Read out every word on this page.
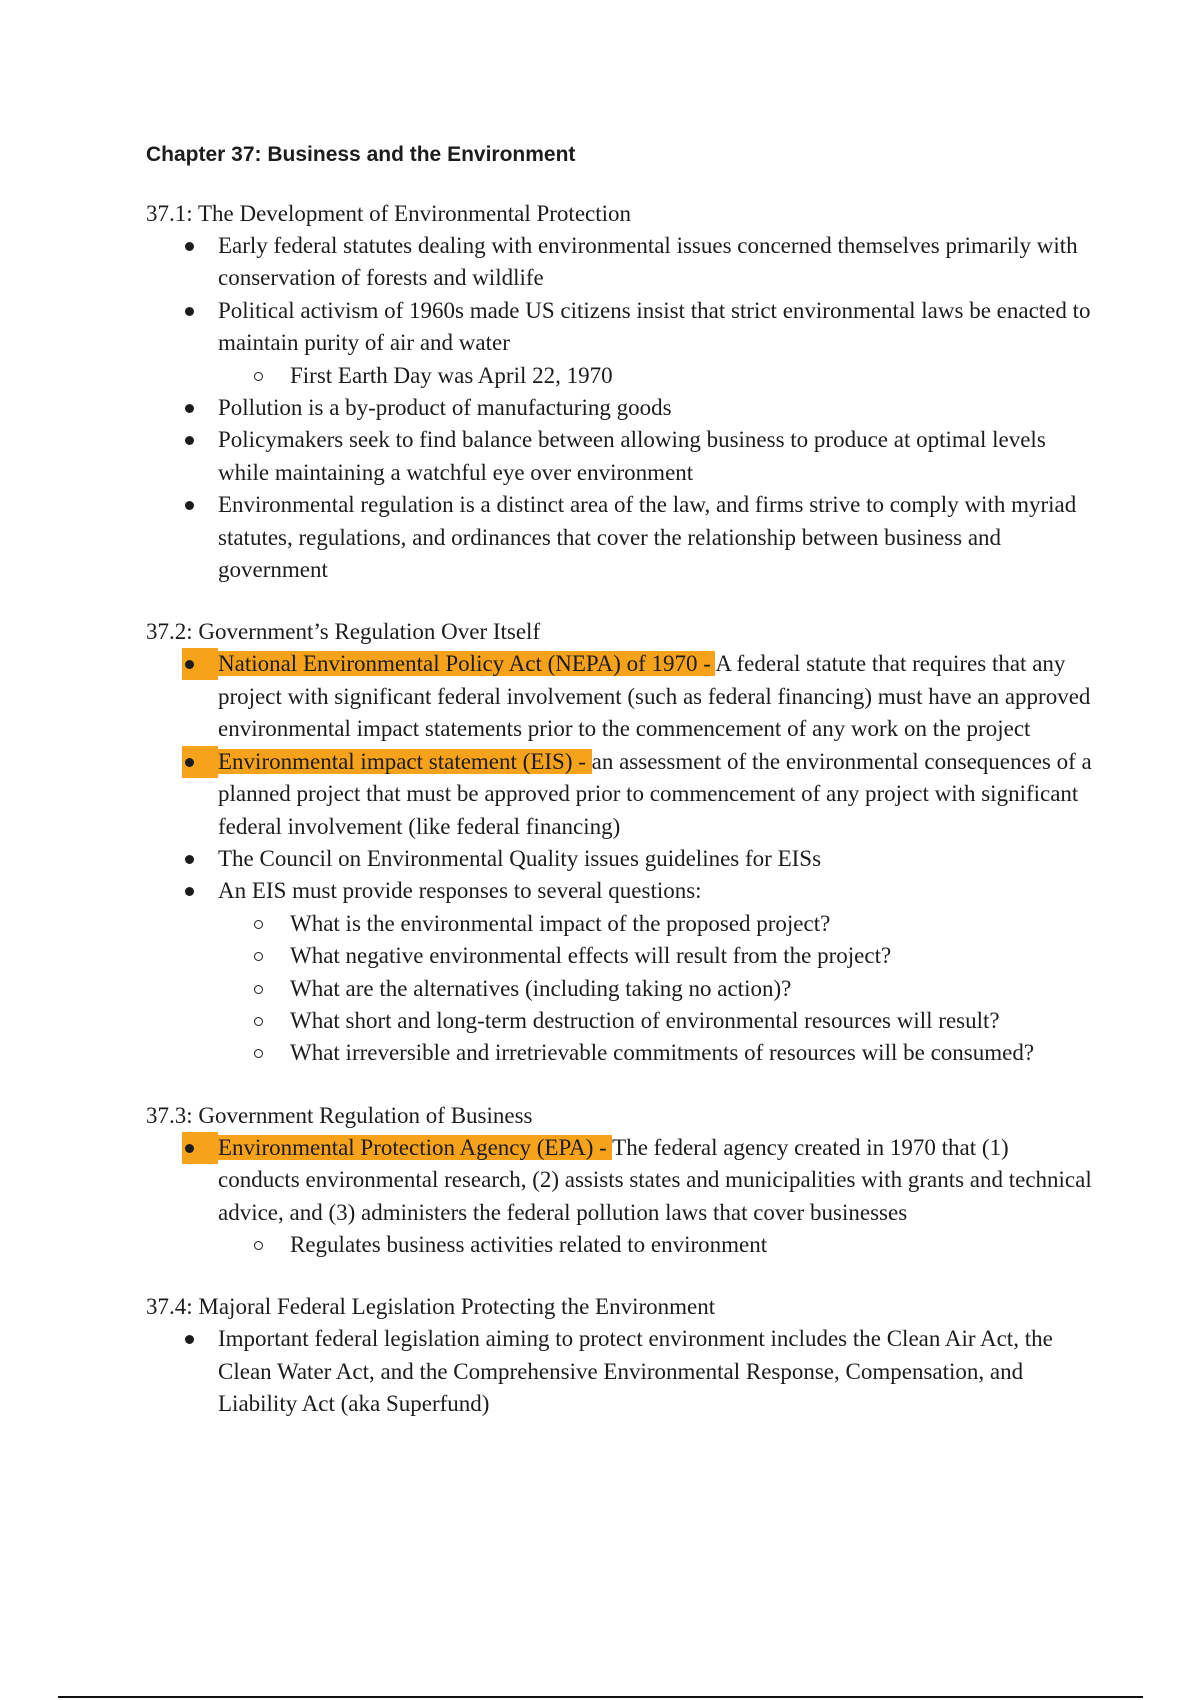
Chapter 37: Business and the Environment
37.1: The Development of Environmental Protection
Early federal statutes dealing with environmental issues concerned themselves primarily with conservation of forests and wildlife
Political activism of 1960s made US citizens insist that strict environmental laws be enacted to maintain purity of air and water
First Earth Day was April 22, 1970
Pollution is a by-product of manufacturing goods
Policymakers seek to find balance between allowing business to produce at optimal levels while maintaining a watchful eye over environment
Environmental regulation is a distinct area of the law, and firms strive to comply with myriad statutes, regulations, and ordinances that cover the relationship between business and government
37.2: Government’s Regulation Over Itself
National Environmental Policy Act (NEPA) of 1970 - A federal statute that requires that any project with significant federal involvement (such as federal financing) must have an approved environmental impact statements prior to the commencement of any work on the project
Environmental impact statement (EIS) - an assessment of the environmental consequences of a planned project that must be approved prior to commencement of any project with significant federal involvement (like federal financing)
The Council on Environmental Quality issues guidelines for EISs
An EIS must provide responses to several questions:
What is the environmental impact of the proposed project?
What negative environmental effects will result from the project?
What are the alternatives (including taking no action)?
What short and long-term destruction of environmental resources will result?
What irreversible and irretrievable commitments of resources will be consumed?
37.3: Government Regulation of Business
Environmental Protection Agency (EPA) - The federal agency created in 1970 that (1) conducts environmental research, (2) assists states and municipalities with grants and technical advice, and (3) administers the federal pollution laws that cover businesses
Regulates business activities related to environment
37.4: Majoral Federal Legislation Protecting the Environment
Important federal legislation aiming to protect environment includes the Clean Air Act, the Clean Water Act, and the Comprehensive Environmental Response, Compensation, and Liability Act (aka Superfund)
